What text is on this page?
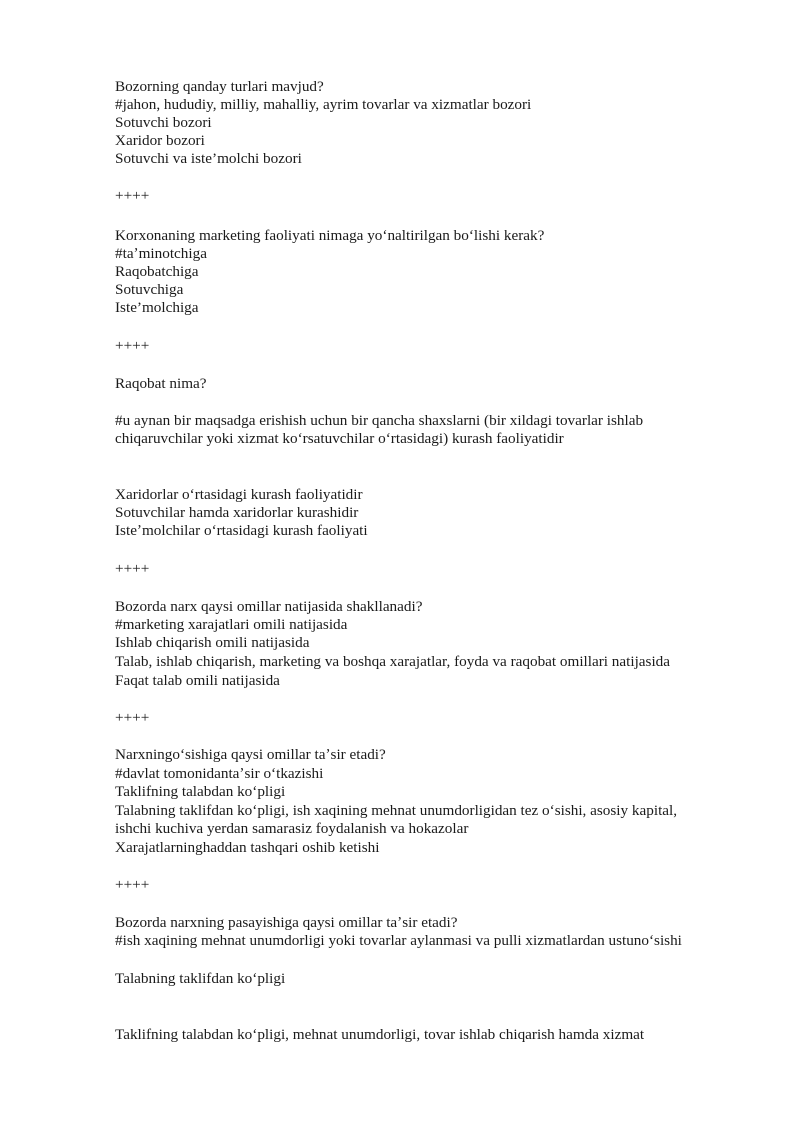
Bozorning qanday turlari mavjud?
#jahon, hududiy, milliy, mahalliy, ayrim tovarlar va xizmatlar bozori
Sotuvchi bozori
Xaridor bozori
Sotuvchi va iste’molchi bozori
++++
Korxonaning marketing faoliyati nimaga yoʻnaltirilgan boʻlishi kerak?
#taʼminotchiga
Raqobatchiga
Sotuvchiga
Iste’molchiga
++++
Raqobat nima?
#u aynan bir maqsadga erishish uchun bir qancha shaxslarni (bir xildagi tovarlar ishlab
chiqaruvchilar yoki xizmat koʻrsatuvchilar oʻrtasidagi) kurash faoliyatidir
Xaridorlar oʻrtasidagi kurash faoliyatidir
Sotuvchilar hamda xaridorlar kurashidir
Isteʼmolchilar oʻrtasidagi kurash faoliyati
++++
Bozorda narx qaysi omillar natijasida shakllanadi?
#marketing xarajatlari omili natijasida
Ishlab chiqarish omili natijasida
Talab, ishlab chiqarish, marketing va boshqa xarajatlar, foyda va raqobat omillari natijasida
Faqat talab omili natijasida
++++
Narxningoʻsishiga qaysi omillar taʼsir etadi?
#davlat tomonidantaʼsir oʻtkazishi
Taklifning talabdan koʻpligi
Talabning taklifdan koʻpligi, ish xaqining mehnat unumdorligidan tez oʻsishi, asosiy kapital,
ishchi kuchiva yerdan samarasiz foydalanish va hokazolar
Xarajatlarninghaddan tashqari oshib ketishi
++++
Bozorda narxning pasayishiga qaysi omillar taʼsir etadi?
#ish xaqining mehnat unumdorligi yoki tovarlar aylanmasi va pulli xizmatlardan ustunoʻsishi
Talabning taklifdan koʻpligi
Taklifning talabdan koʻpligi, mehnat unumdorligi, tovar ishlab chiqarish hamda xizmat
